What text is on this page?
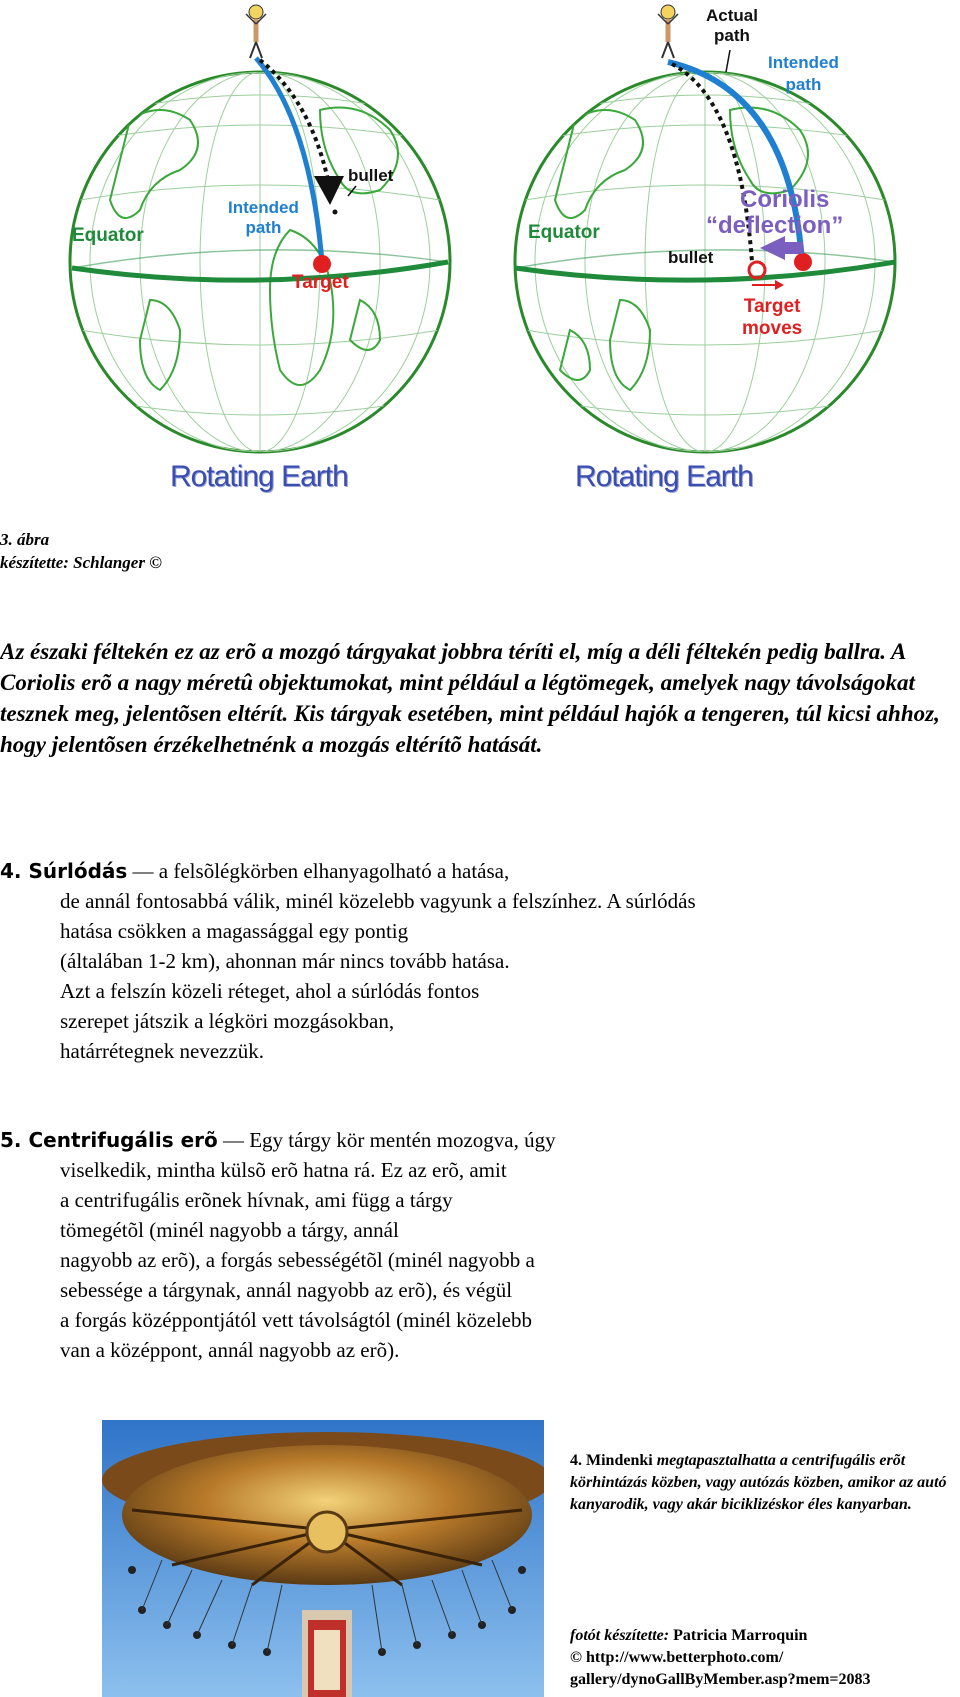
Equator
Intended
path
bullet
Target
Rotating Earth
Actual
path
Intended
path
Coriolis
“deflection”
Equator
bullet
Target
moves
Rotating Earth
3. ábra
készítette: Schlanger ©
Az északi féltekén ez az erõ a mozgó tárgyakat jobbra téríti el, míg a déli féltekén pedig ballra. A Coriolis erõ a nagy méretû objektumokat, mint például a légtömegek, amelyek nagy távolságokat tesznek meg, jelentõsen eltérít. Kis tárgyak esetében, mint például hajók a tengeren, túl kicsi ahhoz, hogy jelentõsen érzékelhetnénk a mozgás eltérítõ hatását.
4. Súrlódás — a felsõlégkörben elhanyagolható a hatása,
de annál fontosabbá válik, minél közelebb vagyunk a felszínhez. A súrlódás
hatása csökken a magassággal egy pontig
(általában 1-2 km), ahonnan már nincs tovább hatása.
Azt a felszín közeli réteget, ahol a súrlódás fontos
szerepet játszik a légköri mozgásokban,
határrétegnek nevezzük.
5. Centrifugális erõ — Egy tárgy kör mentén mozogva, úgy
viselkedik, mintha külsõ erõ hatna rá. Ez az erõ, amit
a centrifugális erõnek hívnak, ami függ a tárgy
tömegétõl (minél nagyobb a tárgy, annál
nagyobb az erõ), a forgás sebességétõl (minél nagyobb a
sebessége a tárgynak, annál nagyobb az erõ), és végül
a forgás középpontjától vett távolságtól (minél közelebb
van a középpont, annál nagyobb az erõ).
4. Mindenki megtapasztalhatta a centrifugális erõt körhintázás közben, vagy autózás közben, amikor az autó kanyarodik, vagy akár biciklizéskor éles kanyarban.
fotót készítette: Patricia Marroquin
© http://www.betterphoto.com/
gallery/dynoGallByMember.asp?mem=2083
